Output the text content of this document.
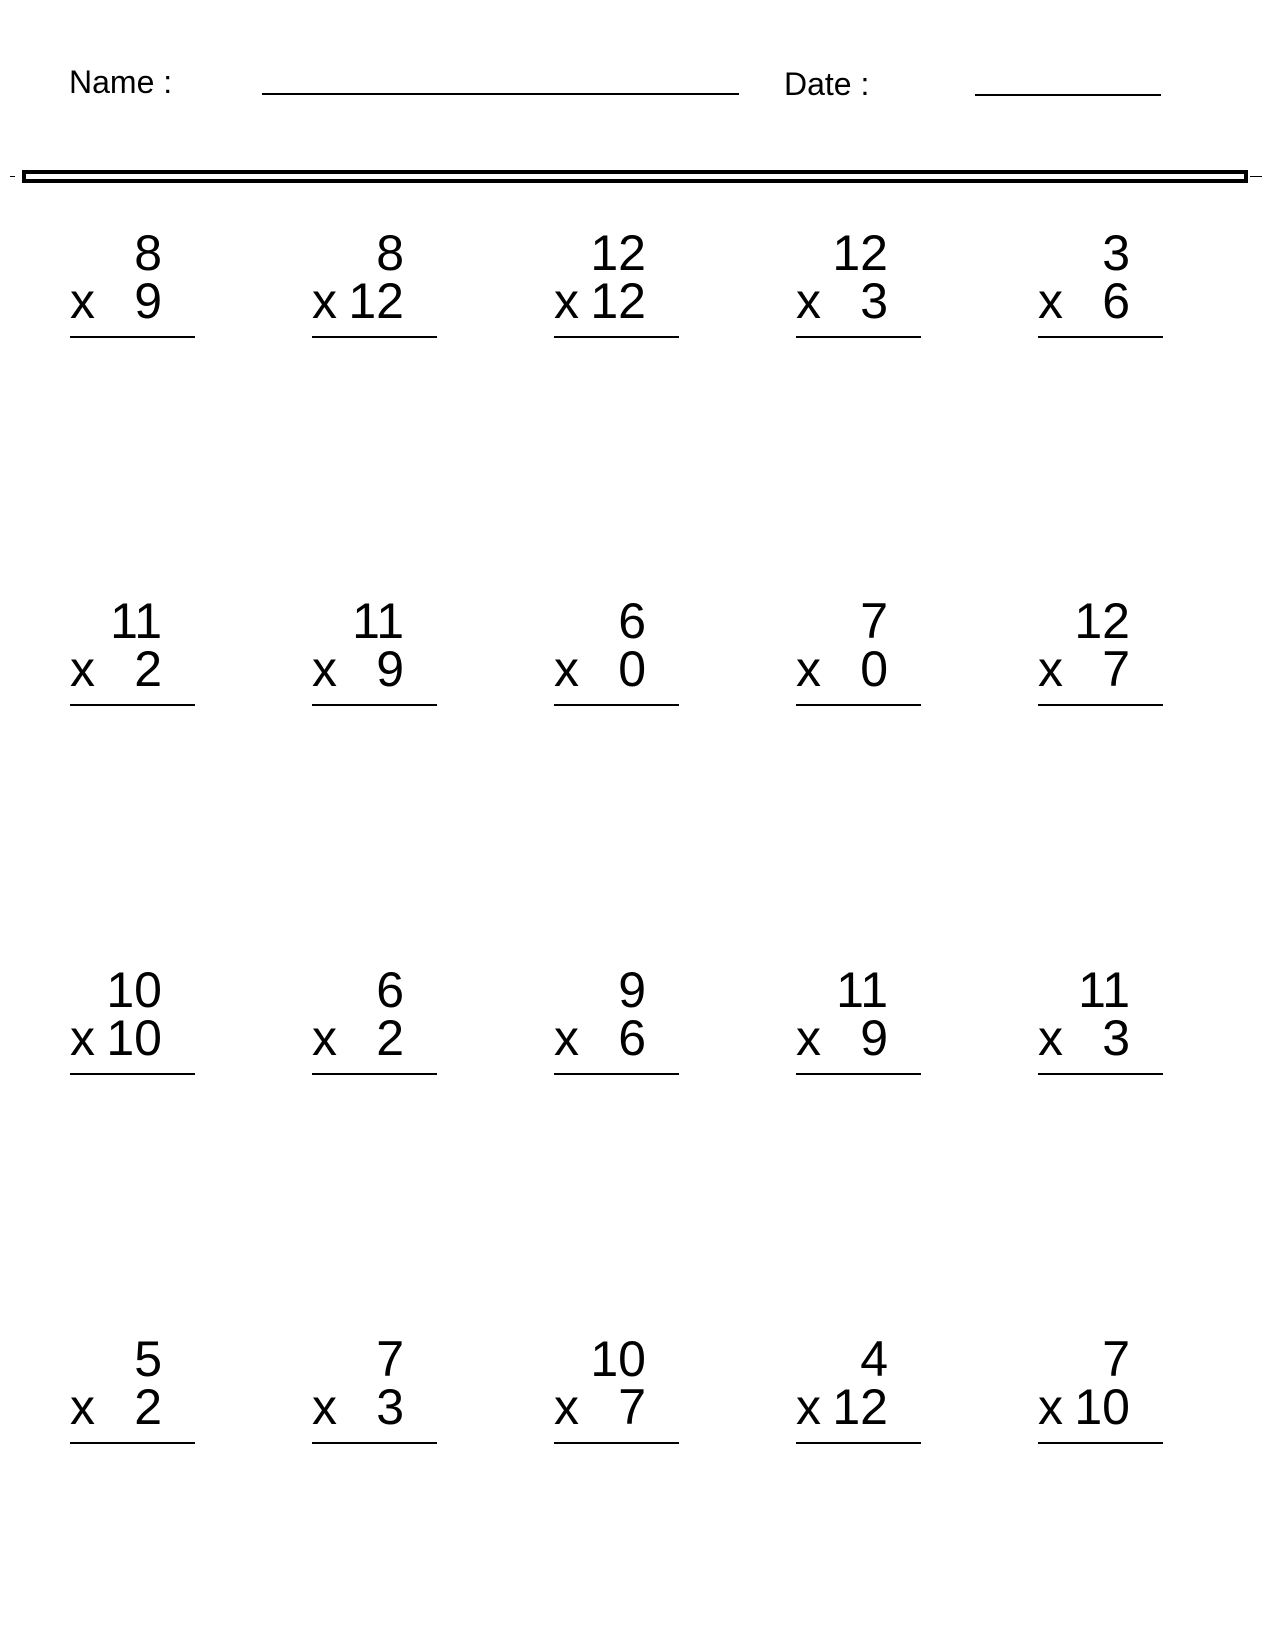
Name :	Date :
8
x 9
8
x 12
12
x 12
12
x 3
3
x 6
11
x 2
11
x 9
6
x 0
7
x 0
12
x 7
10
x 10
6
x 2
9
x 6
11
x 9
11
x 3
5
x 2
7
x 3
10
x 7
4
x 12
7
x 10
